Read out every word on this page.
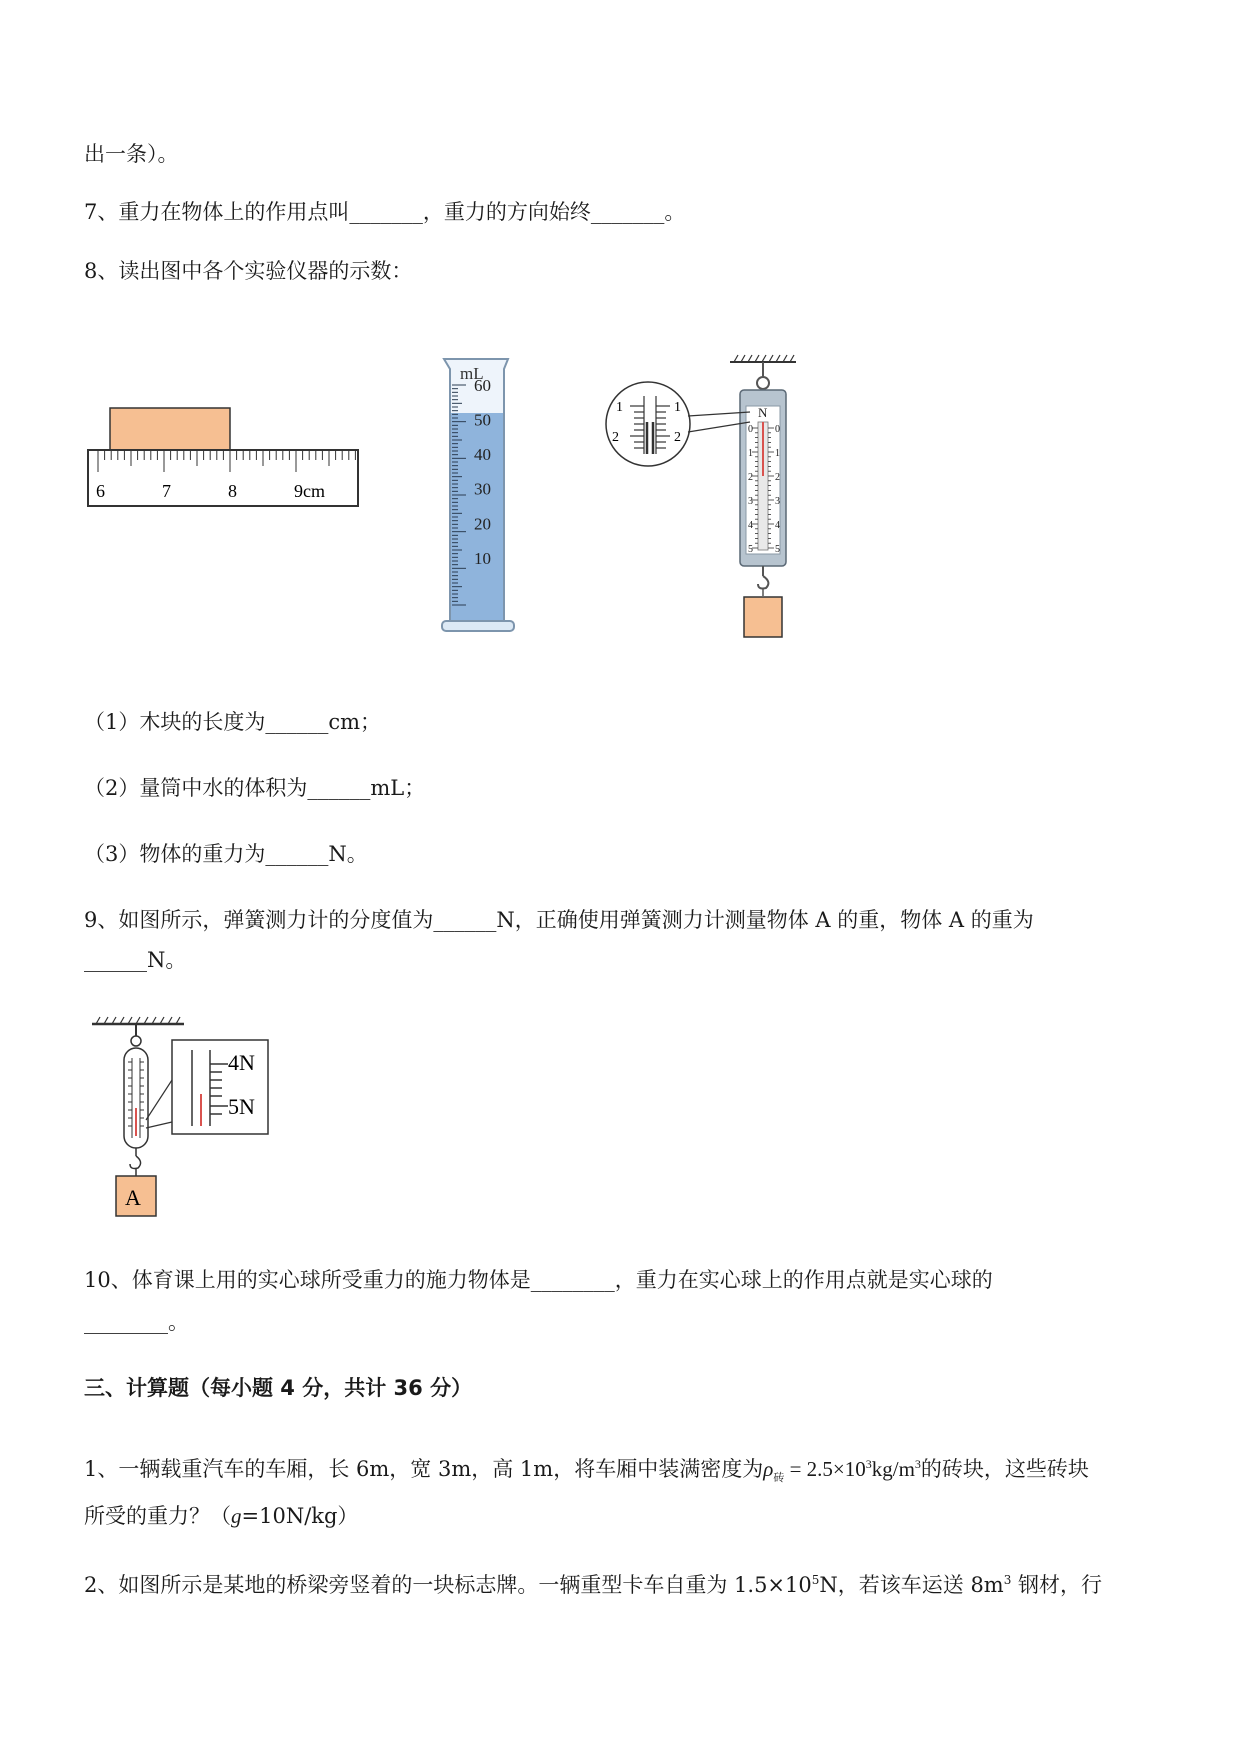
出一条）。
7、重力在物体上的作用点叫_______，重力的方向始终_______。
8、读出图中各个实验仪器的示数：
6	7	8	9cm
mL
60
50
40
30
20
10
N
0 0
1 1
2 2
3 3
4 4
5 5
1	1
2	2
（1）木块的长度为______cm；
（2）量筒中水的体积为______mL；
（3）物体的重力为______N。
9、如图所示，弹簧测力计的分度值为______N，正确使用弹簧测力计测量物体 A 的重，物体 A 的重为
______N。
A
4N
5N
10、体育课上用的实心球所受重力的施力物体是________，重力在实心球上的作用点就是实心球的
________。
三、计算题（每小题 4 分，共计 36 分）
1、一辆载重汽车的车厢，长 6m，宽 3m，高 1m，将车厢中装满密度为$\rho_砖 = 2.5\times 10^3kg/m^3$的砖块，这些砖块
所受的重力？（g=10N/kg）
2、如图所示是某地的桥梁旁竖着的一块标志牌。一辆重型卡车自重为 $1.5\times 10^5N$，若该车运送 $8m^3$ 钢材，行
